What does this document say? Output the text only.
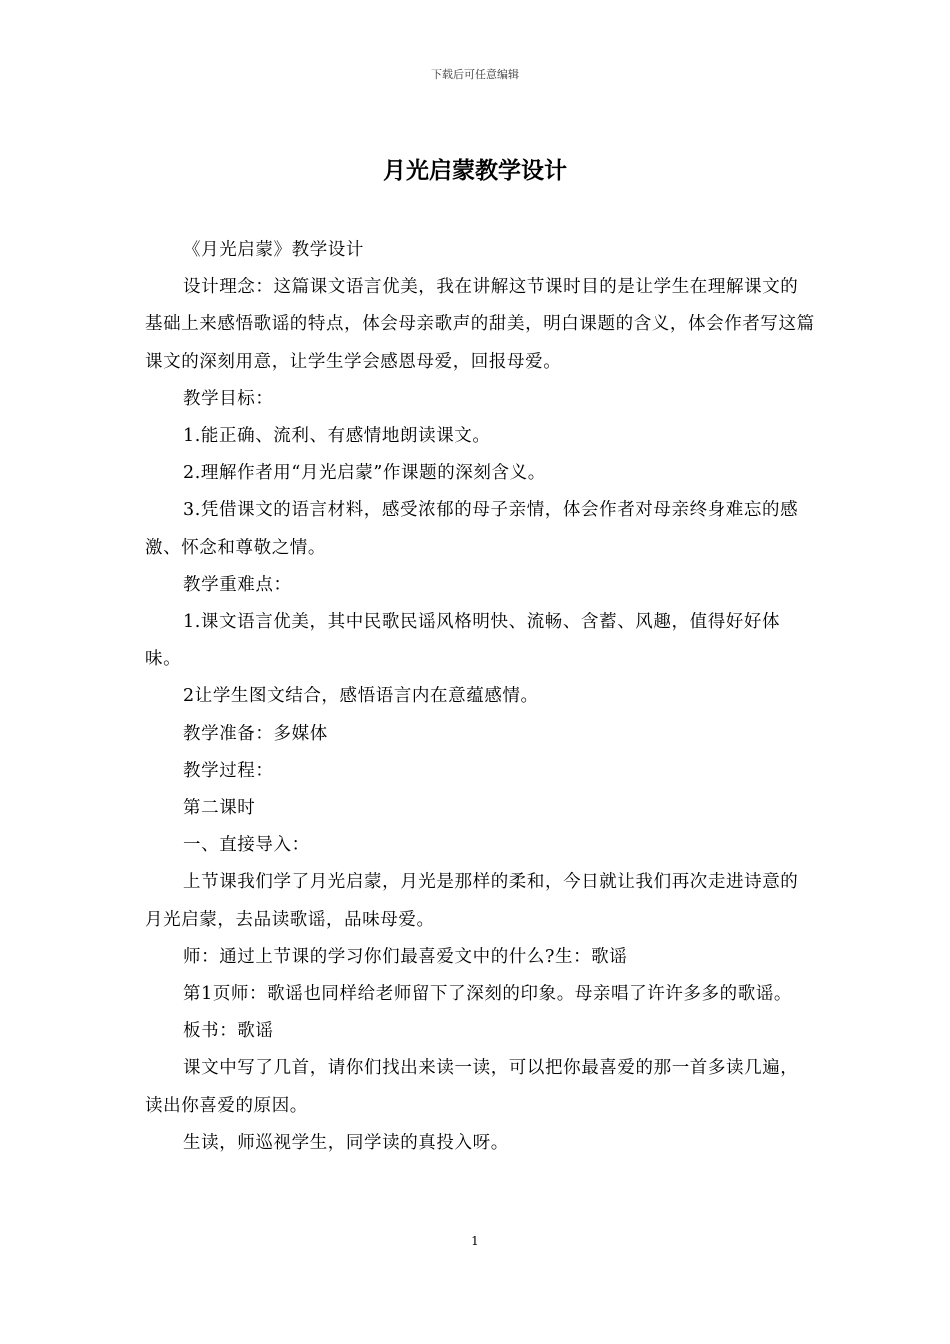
下载后可任意编辑
月光启蒙教学设计

《月光启蒙》教学设计

设计理念：这篇课文语言优美，我在讲解这节课时目的是让学生在理解课文的基础上来感悟歌谣的特点，体会母亲歌声的甜美，明白课题的含义，体会作者写这篇课文的深刻用意，让学生学会感恩母爱，回报母爱。

教学目标：

1.能正确、流利、有感情地朗读课文。

2.理解作者用“月光启蒙”作课题的深刻含义。

3.凭借课文的语言材料，感受浓郁的母子亲情，体会作者对母亲终身难忘的感激、怀念和尊敬之情。

教学重难点：

1.课文语言优美，其中民歌民谣风格明快、流畅、含蓄、风趣，值得好好体味。

2让学生图文结合，感悟语言内在意蕴感情。

教学准备：多媒体

教学过程：

第二课时

一、直接导入：

上节课我们学了月光启蒙，月光是那样的柔和，今日就让我们再次走进诗意的月光启蒙，去品读歌谣，品味母爱。

师：通过上节课的学习你们最喜爱文中的什么?生：歌谣

第1页师：歌谣也同样给老师留下了深刻的印象。母亲唱了许许多多的歌谣。

板书：歌谣

课文中写了几首，请你们找出来读一读，可以把你最喜爱的那一首多读几遍，读出你喜爱的原因。

生读，师巡视学生，同学读的真投入呀。

1
